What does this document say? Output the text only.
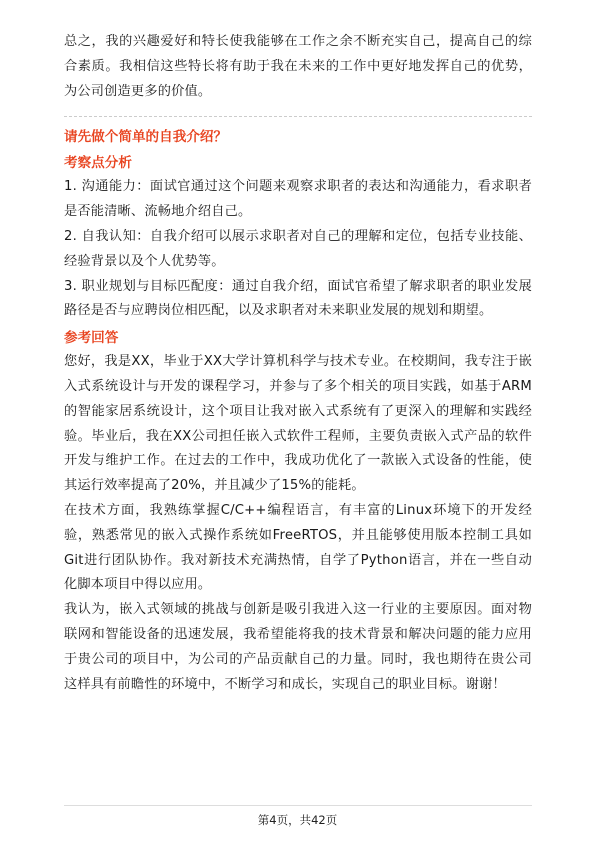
总之，我的兴趣爱好和特长使我能够在工作之余不断充实自己，提高自己的综合素质。我相信这些特长将有助于我在未来的工作中更好地发挥自己的优势，为公司创造更多的价值。

请先做个简单的自我介绍？

考察点分析

1. 沟通能力：面试官通过这个问题来观察求职者的表达和沟通能力，看求职者是否能清晰、流畅地介绍自己。

2. 自我认知：自我介绍可以展示求职者对自己的理解和定位，包括专业技能、经验背景以及个人优势等。

3. 职业规划与目标匹配度：通过自我介绍，面试官希望了解求职者的职业发展路径是否与应聘岗位相匹配，以及求职者对未来职业发展的规划和期望。

参考回答

您好，我是XX，毕业于XX大学计算机科学与技术专业。在校期间，我专注于嵌入式系统设计与开发的课程学习，并参与了多个相关的项目实践，如基于ARM的智能家居系统设计，这个项目让我对嵌入式系统有了更深入的理解和实践经验。毕业后，我在XX公司担任嵌入式软件工程师，主要负责嵌入式产品的软件开发与维护工作。在过去的工作中，我成功优化了一款嵌入式设备的性能，使其运行效率提高了20%，并且减少了15%的能耗。

在技术方面，我熟练掌握C/C++编程语言，有丰富的Linux环境下的开发经验，熟悉常见的嵌入式操作系统如FreeRTOS，并且能够使用版本控制工具如Git进行团队协作。我对新技术充满热情，自学了Python语言，并在一些自动化脚本项目中得以应用。

我认为，嵌入式领域的挑战与创新是吸引我进入这一行业的主要原因。面对物联网和智能设备的迅速发展，我希望能将我的技术背景和解决问题的能力应用于贵公司的项目中，为公司的产品贡献自己的力量。同时，我也期待在贵公司这样具有前瞻性的环境中，不断学习和成长，实现自己的职业目标。谢谢！

第4页，共42页
